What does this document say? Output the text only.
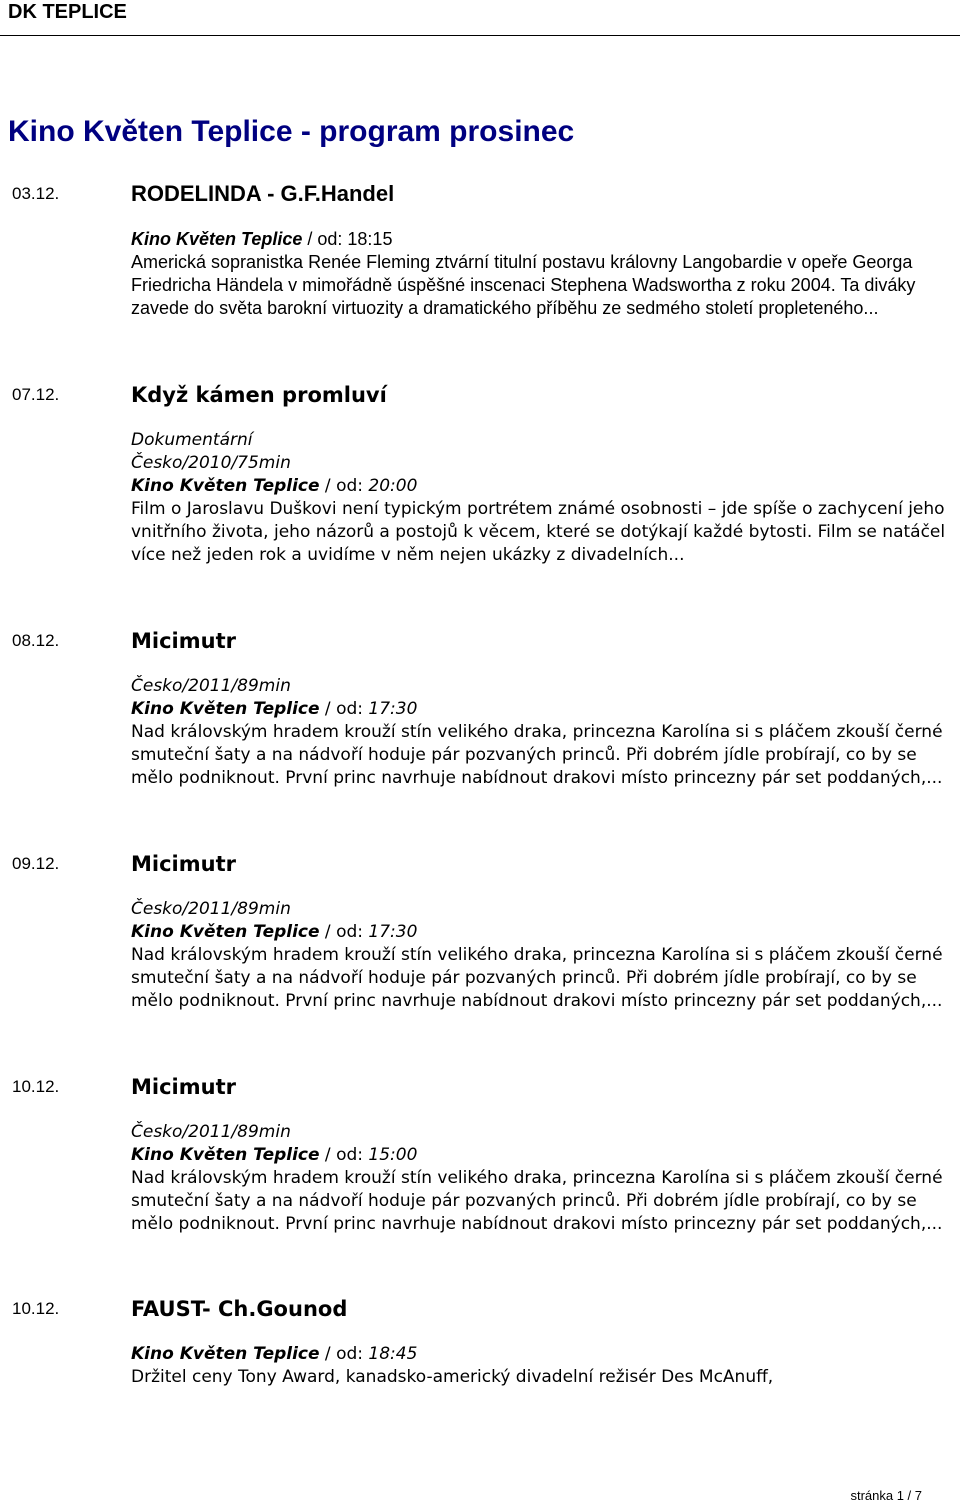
DK TEPLICE
Kino Květen Teplice - program prosinec
03.12.	RODELINDA - G.F.Handel
Kino Květen Teplice / od: 18:15

Americká sopranistka Renée Fleming ztvární titulní postavu královny Langobardie v opeře Georga Friedricha Händela v mimořádně úspěšné inscenaci Stephena Wadswortha z roku 2004. Ta diváky zavede do světa barokní virtuozity a dramatického příběhu ze sedmého století propleteného...

07.12.	Když kámen promluví
Dokumentární
Česko/2010/75min
Kino Květen Teplice / od: 20:00

Film o Jaroslavu Duškovi není typickým portrétem známé osobnosti – jde spíše o zachycení jeho vnitřního života, jeho názorů a postojů k věcem, které se dotýkají každé bytosti. Film se natáčel více než jeden rok a uvidíme v něm nejen ukázky z divadelních...

08.12.	Micimutr
Česko/2011/89min
Kino Květen Teplice / od: 17:30

Nad královským hradem krouží stín velikého draka, princezna Karolína si s pláčem zkouší černé smuteční šaty a na nádvoří hoduje pár pozvaných princů. Při dobrém jídle probírají, co by se mělo podniknout. První princ navrhuje nabídnout drakovi místo princezny pár set poddaných,...

09.12.	Micimutr
Česko/2011/89min
Kino Květen Teplice / od: 17:30

Nad královským hradem krouží stín velikého draka, princezna Karolína si s pláčem zkouší černé smuteční šaty a na nádvoří hoduje pár pozvaných princů. Při dobrém jídle probírají, co by se mělo podniknout. První princ navrhuje nabídnout drakovi místo princezny pár set poddaných,...

10.12.	Micimutr
Česko/2011/89min
Kino Květen Teplice / od: 15:00

Nad královským hradem krouží stín velikého draka, princezna Karolína si s pláčem zkouší černé smuteční šaty a na nádvoří hoduje pár pozvaných princů. Při dobrém jídle probírají, co by se mělo podniknout. První princ navrhuje nabídnout drakovi místo princezny pár set poddaných,...

10.12.	FAUST- Ch.Gounod
Kino Květen Teplice / od: 18:45

Držitel ceny Tony Award, kanadsko-americký divadelní režisér Des McAnuff,

stránka 1 / 7
